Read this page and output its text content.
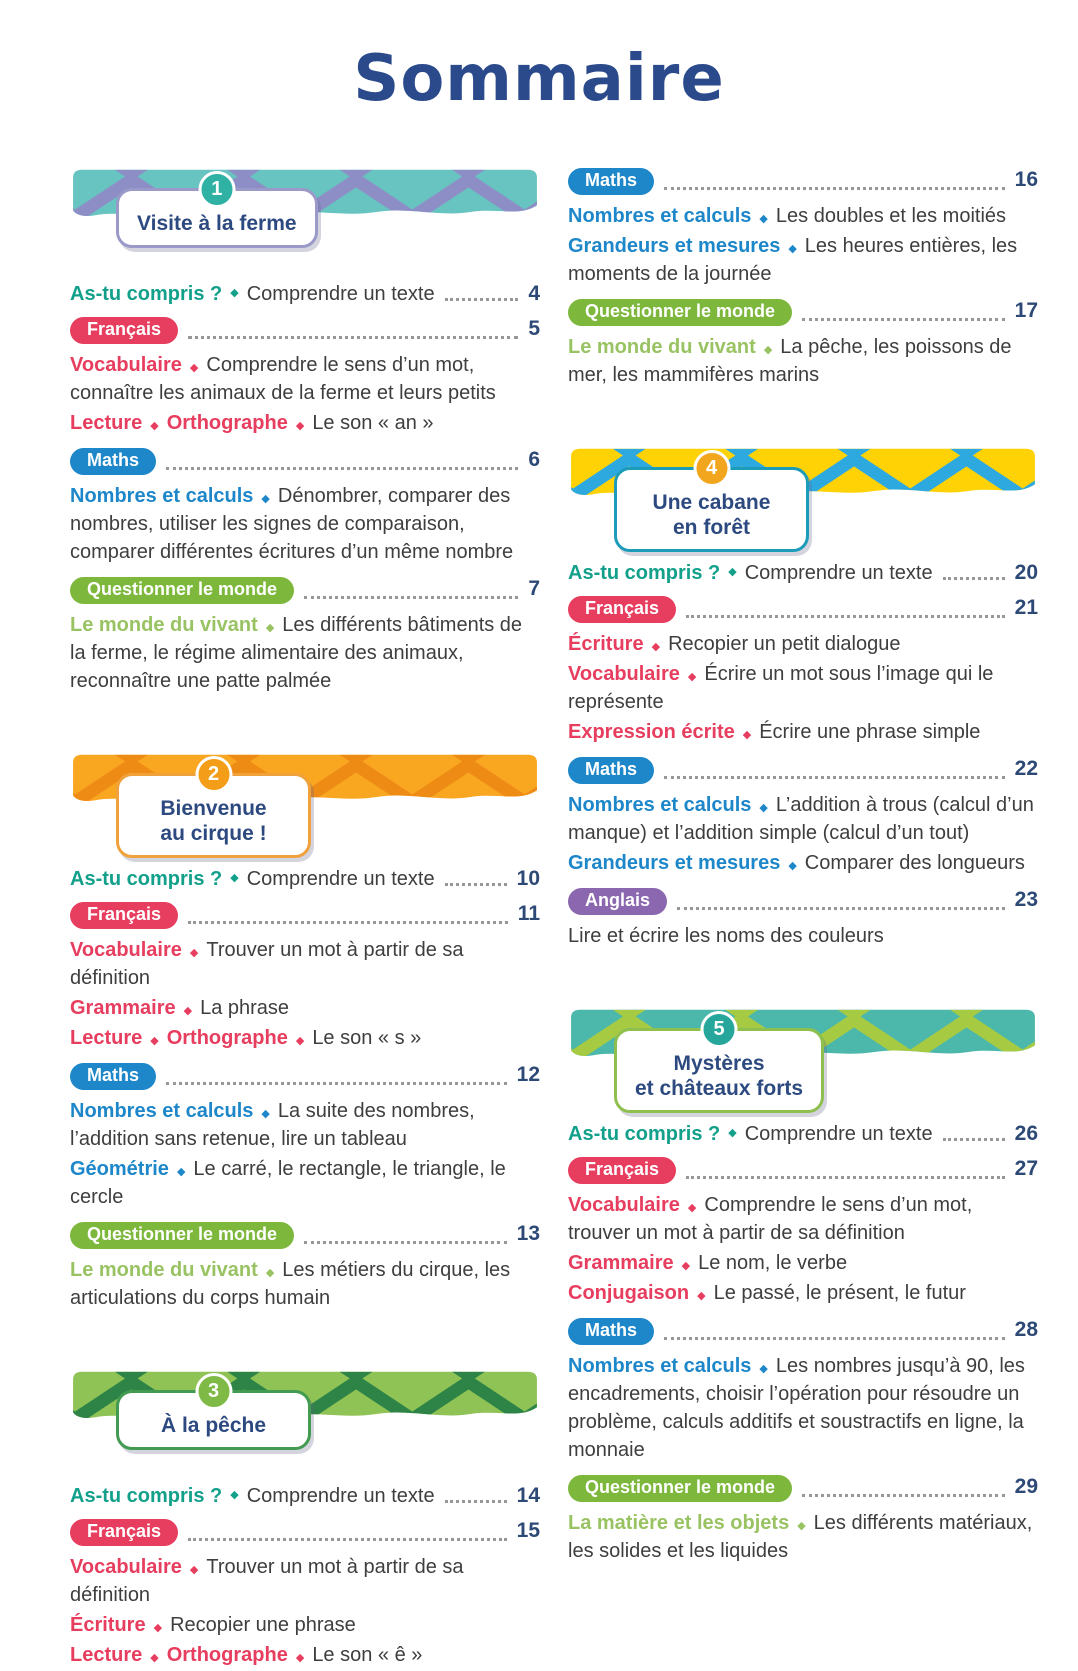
Sommaire
1
Visite à la ferme
As-tu compris ? ◆ Comprendre un texte	4
Français	5
Vocabulaire ◆ Comprendre le sens d’un mot, connaître les animaux de la ferme et leurs petits
Lecture ◆ Orthographe ◆ Le son « an »
Maths	6
Nombres et calculs ◆ Dénombrer, comparer des nombres, utiliser les signes de comparaison, comparer différentes écritures d’un même nombre
Questionner le monde	7
Le monde du vivant ◆ Les différents bâtiments de la ferme, le régime alimentaire des animaux, reconnaître une patte palmée
2
Bienvenue
au cirque !
As-tu compris ? ◆ Comprendre un texte	10
Français	11
Vocabulaire ◆ Trouver un mot à partir de sa définition
Grammaire ◆ La phrase
Lecture ◆ Orthographe ◆ Le son « s »
Maths	12
Nombres et calculs ◆ La suite des nombres, l’addition sans retenue, lire un tableau
Géométrie ◆ Le carré, le rectangle, le triangle, le cercle
Questionner le monde	13
Le monde du vivant ◆ Les métiers du cirque, les articulations du corps humain
3
À la pêche
As-tu compris ? ◆ Comprendre un texte	14
Français	15
Vocabulaire ◆ Trouver un mot à partir de sa définition
Écriture ◆ Recopier une phrase
Lecture ◆ Orthographe ◆ Le son « ê »
Maths	16
Nombres et calculs ◆ Les doubles et les moitiés
Grandeurs et mesures ◆ Les heures entières, les moments de la journée
Questionner le monde	17
Le monde du vivant ◆ La pêche, les poissons de mer, les mammifères marins
4
Une cabane
en forêt
As-tu compris ? ◆ Comprendre un texte	20
Français	21
Écriture ◆ Recopier un petit dialogue
Vocabulaire ◆ Écrire un mot sous l’image qui le représente
Expression écrite ◆ Écrire une phrase simple
Maths	22
Nombres et calculs ◆ L’addition à trous (calcul d’un manque) et l’addition simple (calcul d’un tout)
Grandeurs et mesures ◆ Comparer des longueurs
Anglais	23
Lire et écrire les noms des couleurs
5
Mystères
et châteaux forts
As-tu compris ? ◆ Comprendre un texte	26
Français	27
Vocabulaire ◆ Comprendre le sens d’un mot, trouver un mot à partir de sa définition
Grammaire ◆ Le nom, le verbe
Conjugaison ◆ Le passé, le présent, le futur
Maths	28
Nombres et calculs ◆ Les nombres jusqu’à 90, les encadrements, choisir l’opération pour résoudre un problème, calculs additifs et soustractifs en ligne, la monnaie
Questionner le monde	29
La matière et les objets ◆ Les différents matériaux, les solides et les liquides
